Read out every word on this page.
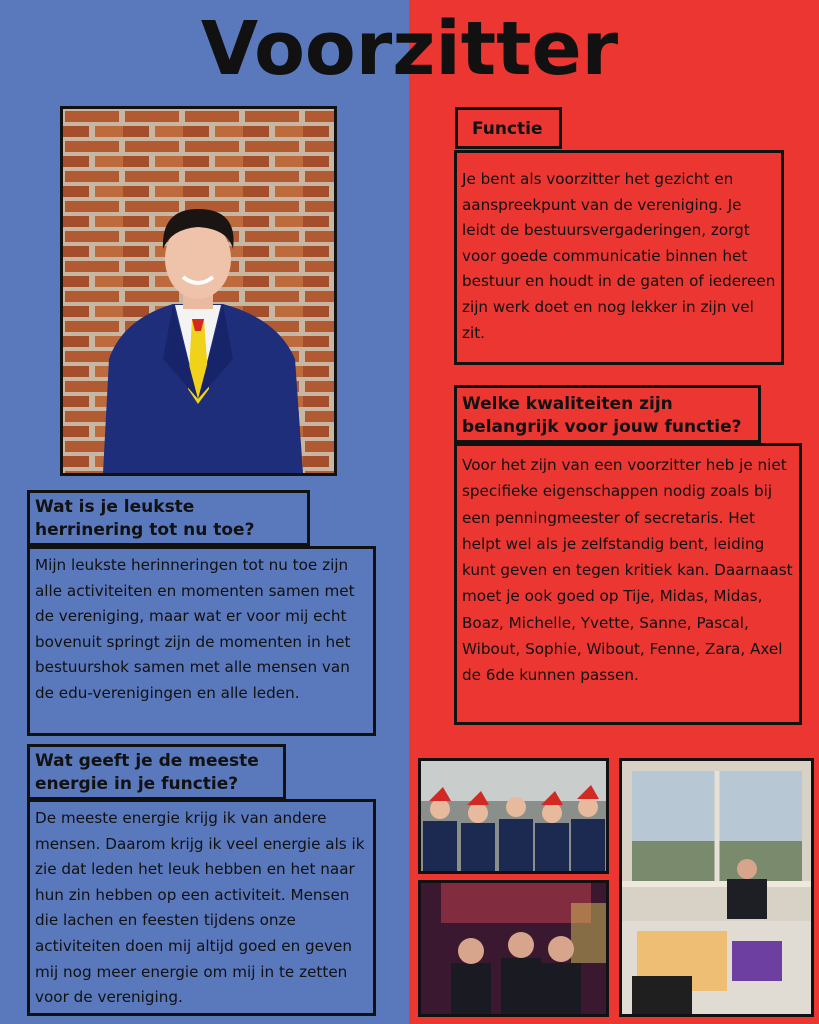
Voorzitter
Functie
Je bent als voorzitter het gezicht en aanspreekpunt van de vereniging. Je leidt de bestuursvergaderingen, zorgt voor goede communicatie binnen het bestuur en houdt in de gaten of iedereen zijn werk doet en nog lekker in zijn vel zit.
Welke kwaliteiten zijn belangrijk voor jouw functie?
Voor het zijn van een voorzitter heb je niet specifieke eigenschappen nodig zoals bij een penningmeester of secretaris. Het helpt wel als je zelfstandig bent, leiding kunt geven en tegen kritiek kan. Daarnaast moet je ook goed op Tije, Midas, Midas, Boaz, Michelle, Yvette, Sanne, Pascal, Wibout, Sophie, Wibout, Fenne, Zara, Axel de 6de kunnen passen.
Wat is je leukste herrinering tot nu toe?
Mijn leukste herinneringen tot nu toe zijn alle activiteiten en momenten samen met de vereniging, maar wat er voor mij echt bovenuit springt zijn de momenten in het bestuurshok samen met alle mensen van de edu-verenigingen en alle leden.
Wat geeft je de meeste energie in je functie?
De meeste energie krijg ik van andere mensen. Daarom krijg ik veel energie als ik zie dat leden het leuk hebben en het naar hun zin hebben op een activiteit. Mensen die lachen en feesten tijdens onze activiteiten doen mij altijd goed en geven mij nog meer energie om mij in te zetten voor de vereniging.
